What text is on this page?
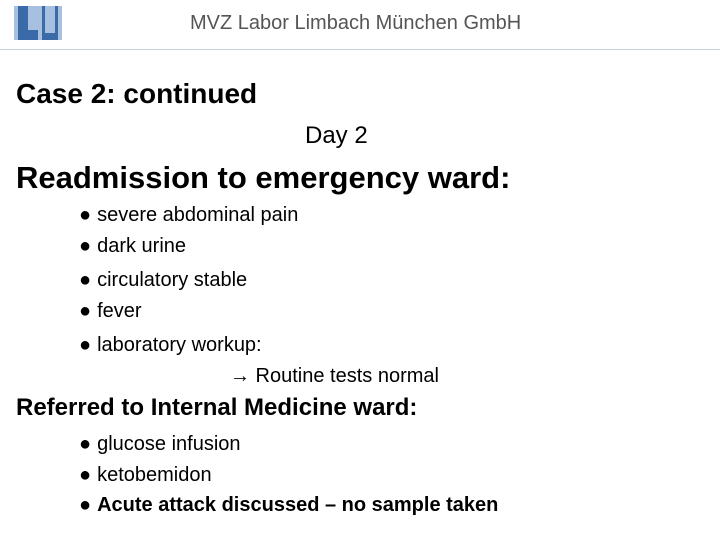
MVZ Labor Limbach München GmbH
Case 2: continued
Day 2
Readmission to emergency ward:
● severe abdominal pain
● dark urine
● circulatory stable
● fever
● laboratory workup:
→ Routine tests normal
Referred to Internal Medicine ward:
● glucose infusion
● ketobemidon
● Acute attack discussed – no sample taken
